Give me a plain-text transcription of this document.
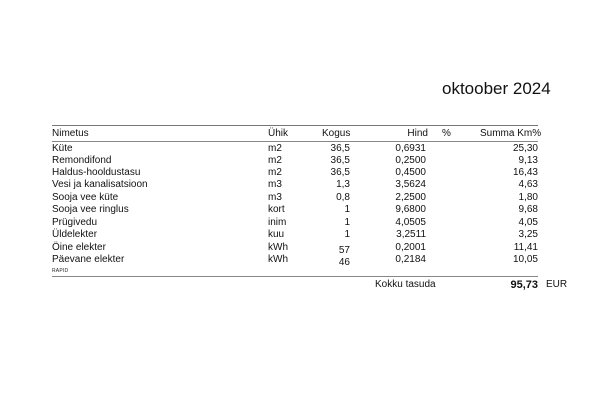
oktoober 2024
Nimetus	Ühik	Kogus	Hind %	Summa Km%
Küte	m2	36,5	0,6931	25,30
Remondifond	m2	36,5	0,2500	9,13
Haldus-hooldustasu	m2	36,5	0,4500	16,43
Vesi ja kanalisatsioon	m3	1,3	3,5624	4,63
Sooja vee küte	m3	0,8	2,2500	1,80
Sooja vee ringlus	kort	1	9,6800	9,68
Prügivedu	inim	1	4,0505	4,05
Üldelekter	kuu	1	3,2511	3,25
Öine elekter	kWh	57	0,2001	11,41
Päevane elekter	kWh	46	0,2184	10,05
RAPID
Kokku tasuda	95,73 EUR
